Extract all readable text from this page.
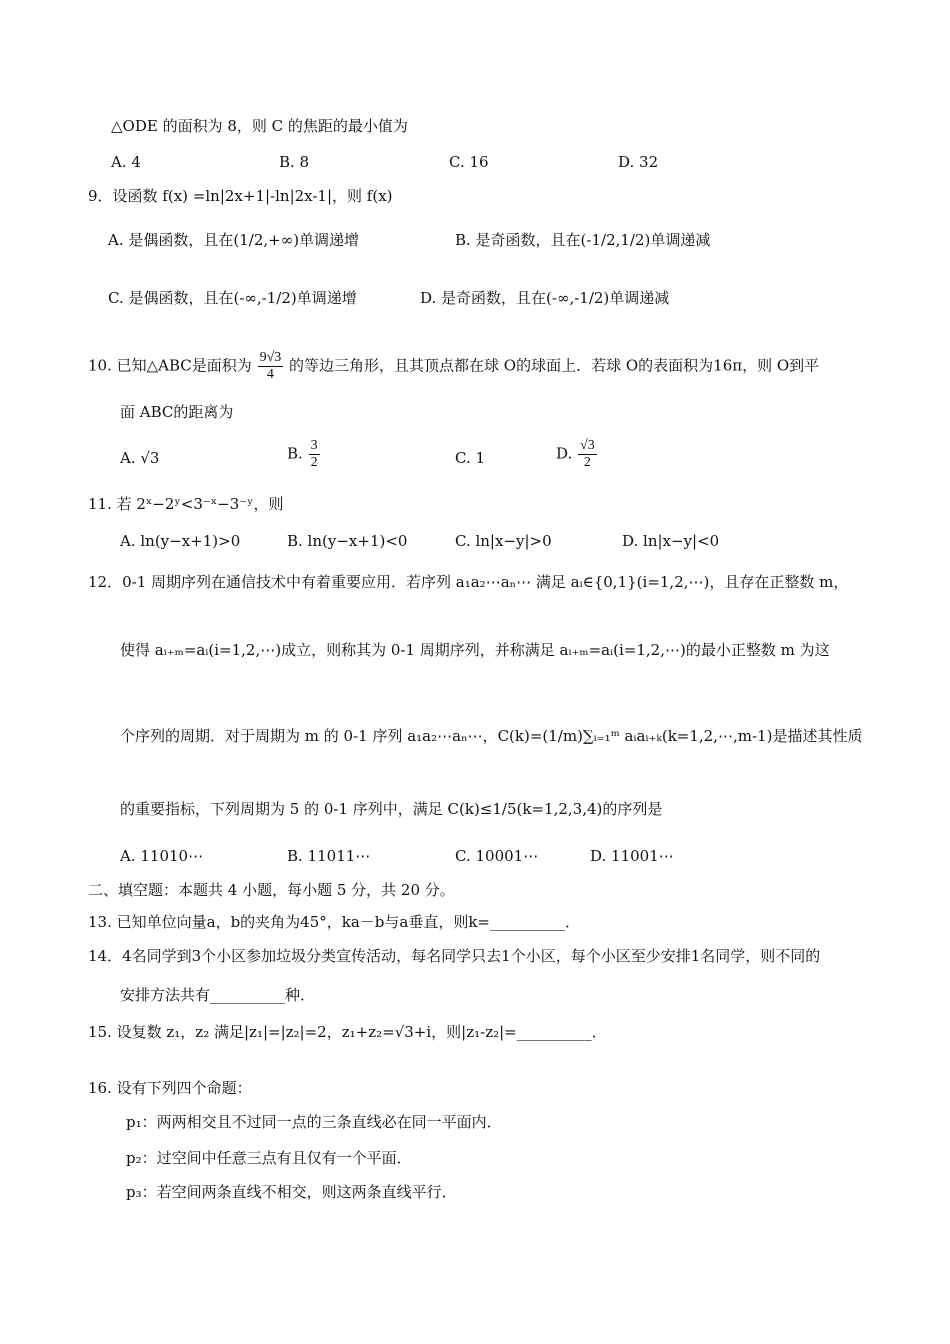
△ODE 的面积为 8，则 C 的焦距的最小值为
A. 4	B. 8	C. 16	D. 32
9．设函数 f(x) =ln|2x+1|-ln|2x-1|，则 f(x)
A. 是偶函数，且在(1/2,+∞)单调递增	B. 是奇函数，且在(-1/2,1/2)单调递减
C. 是偶函数，且在(-∞,-1/2)单调递增	D. 是奇函数，且在(-∞,-1/2)单调递减
10. 已知△ABC是面积为 $\frac{9√3}{4}$ 的等边三角形，且其顶点都在球 O的球面上．若球 O的表面积为16π，则 O到平
面 ABC的距离为
A. √3	B. $\frac{3}{2}$	C. 1	D. $\frac{√3}{2}$
11. 若 2ˣ−2ʸ<3⁻ˣ−3⁻ʸ，则
A. ln(y−x+1)>0	B. ln(y−x+1)<0	C. ln|x−y|>0	D. ln|x−y|<0
12．0-1 周期序列在通信技术中有着重要应用．若序列 a₁a₂⋯aₙ⋯ 满足 aᵢ∈{0,1}(i=1,2,⋯)，且存在正整数 m，
使得 aᵢ₊ₘ=aᵢ(i=1,2,⋯)成立，则称其为 0-1 周期序列，并称满足 aᵢ₊ₘ=aᵢ(i=1,2,⋯)的最小正整数 m 为这
个序列的周期．对于周期为 m 的 0-1 序列 a₁a₂⋯aₙ⋯，C(k)=(1/m)∑ᵢ₌₁ᵐ aᵢaᵢ₊ₖ(k=1,2,⋯,m-1)是描述其性质
的重要指标，下列周期为 5 的 0-1 序列中，满足 C(k)≤1/5(k=1,2,3,4)的序列是
A. 11010⋯	B. 11011⋯	C. 10001⋯	D. 11001⋯
二、填空题：本题共 4 小题，每小题 5 分，共 20 分。
13. 已知单位向量a，b的夹角为45°，ka－b与a垂直，则k=__________．
14．4名同学到3个小区参加垃圾分类宣传活动，每名同学只去1个小区，每个小区至少安排1名同学，则不同的
安排方法共有__________种．
15. 设复数 z₁，z₂ 满足|z₁|=|z₂|=2，z₁+z₂=√3+i，则|z₁-z₂|=__________．
16. 设有下列四个命题：
p₁：两两相交且不过同一点的三条直线必在同一平面内．
p₂：过空间中任意三点有且仅有一个平面．
p₃：若空间两条直线不相交，则这两条直线平行．
